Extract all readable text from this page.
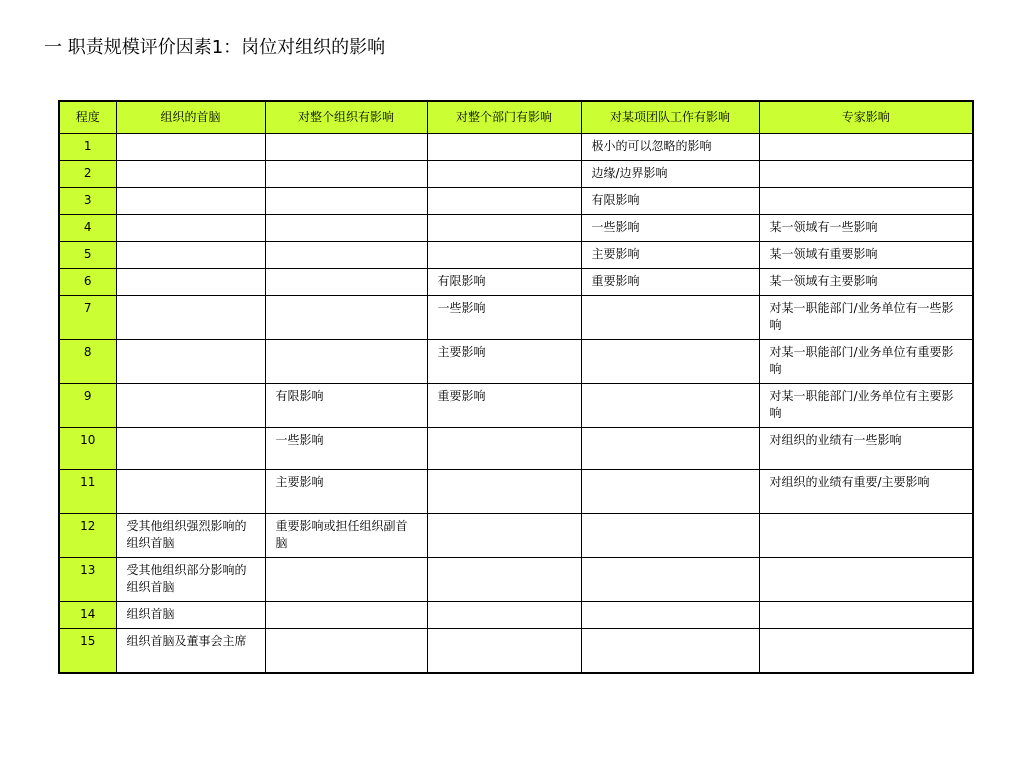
一 职责规模评价因素1：岗位对组织的影响
程度	组织的首脑	对整个组织有影响	对整个部门有影响	对某项团队工作有影响	专家影响
1				极小的可以忽略的影响	
2				边缘/边界影响	
3				有限影响	
4				一些影响	某一领域有一些影响
5				主要影响	某一领域有重要影响
6			有限影响	重要影响	某一领域有主要影响
7			一些影响		对某一职能部门/业务单位有一些影响
8			主要影响		对某一职能部门/业务单位有重要影响
9		有限影响	重要影响		对某一职能部门/业务单位有主要影响
10		一些影响			对组织的业绩有一些影响
11		主要影响			对组织的业绩有重要/主要影响
12	受其他组织强烈影响的组织首脑	重要影响或担任组织副首脑			
13	受其他组织部分影响的组织首脑				
14	组织首脑				
15	组织首脑及董事会主席				
